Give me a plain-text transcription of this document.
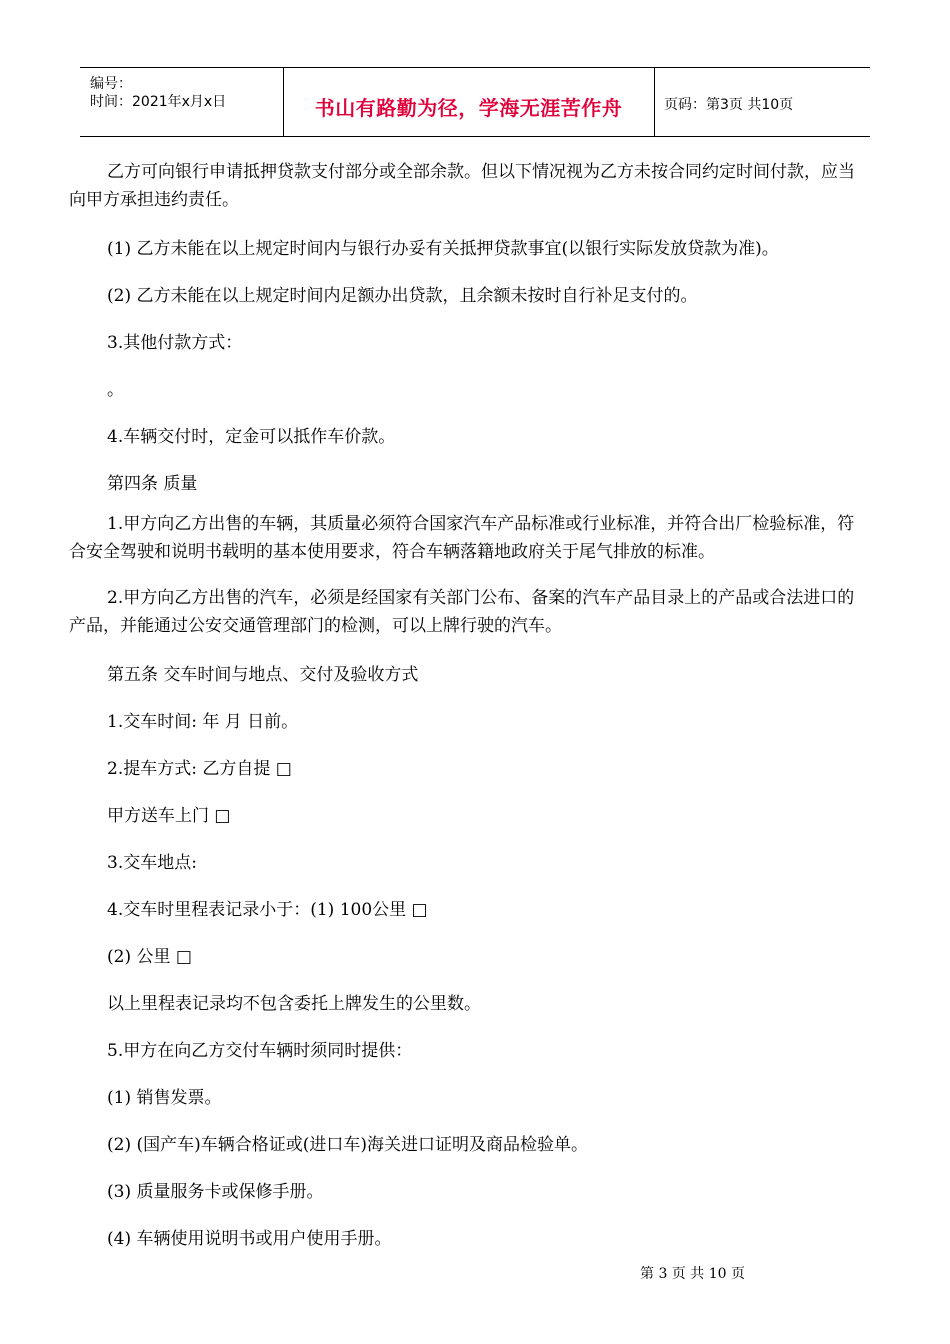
编号：
时间：2021年x月x日	书山有路勤为径，学海无涯苦作舟	页码：第3页 共10页
乙方可向银行申请抵押贷款支付部分或全部余款。但以下情况视为乙方未按合同约定时间付款，应当向甲方承担违约责任。
(1) 乙方未能在以上规定时间内与银行办妥有关抵押贷款事宜(以银行实际发放贷款为准)。
(2) 乙方未能在以上规定时间内足额办出贷款，且余额未按时自行补足支付的。
3.其他付款方式：
。
4.车辆交付时，定金可以抵作车价款。
第四条 质量
1.甲方向乙方出售的车辆，其质量必须符合国家汽车产品标准或行业标准，并符合出厂检验标准，符合安全驾驶和说明书载明的基本使用要求，符合车辆落籍地政府关于尾气排放的标准。
2.甲方向乙方出售的汽车，必须是经国家有关部门公布、备案的汽车产品目录上的产品或合法进口的产品，并能通过公安交通管理部门的检测，可以上牌行驶的汽车。
第五条 交车时间与地点、交付及验收方式
1.交车时间: 年 月 日前。
2.提车方式: 乙方自提 □
甲方送车上门 □
3.交车地点:
4.交车时里程表记录小于：(1) 100公里 □
(2) 公里 □
以上里程表记录均不包含委托上牌发生的公里数。
5.甲方在向乙方交付车辆时须同时提供：
(1) 销售发票。
(2) (国产车)车辆合格证或(进口车)海关进口证明及商品检验单。
(3) 质量服务卡或保修手册。
(4) 车辆使用说明书或用户使用手册。
第 3 页 共 10 页
